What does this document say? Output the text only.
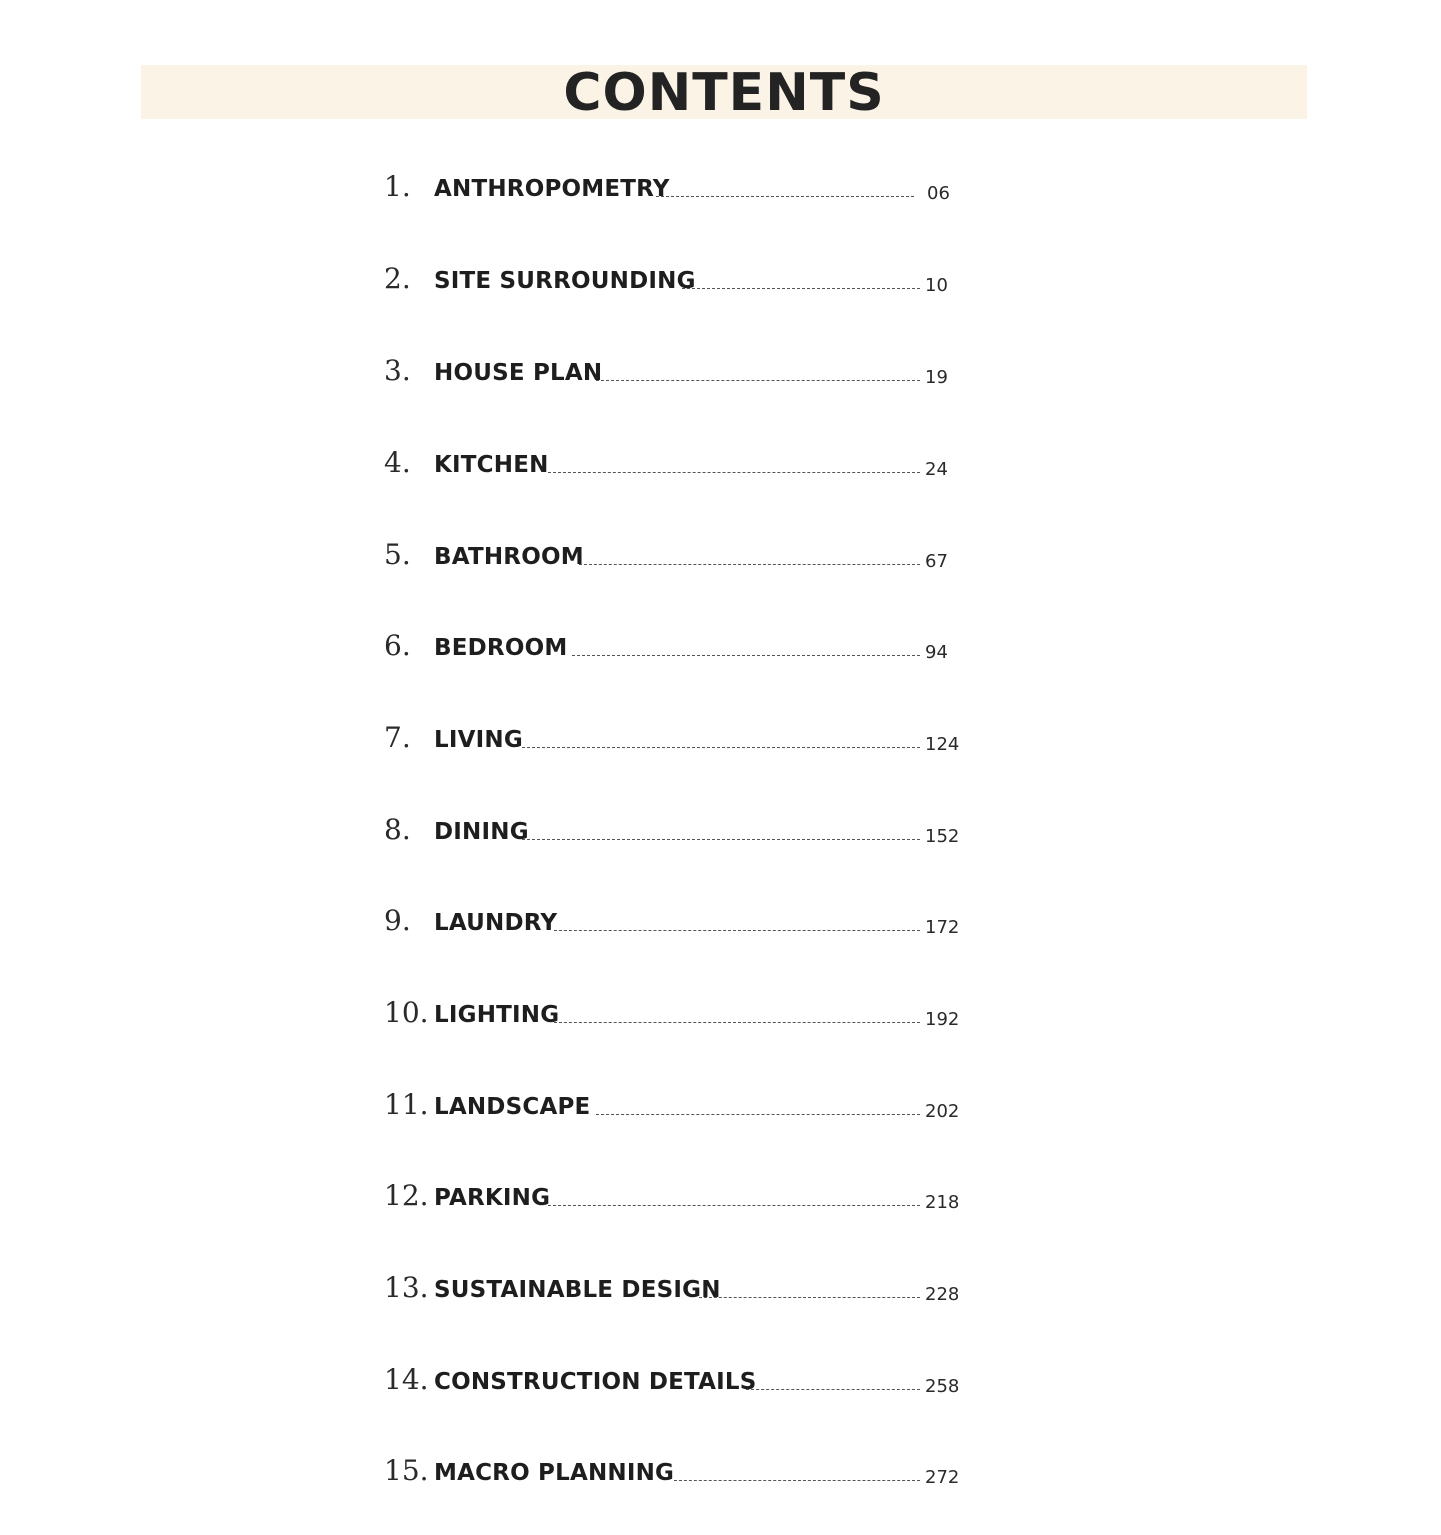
CONTENTS
1. ANTHROPOMETRY	06
2. SITE SURROUNDING	10
3. HOUSE PLAN	19
4. KITCHEN	24
5. BATHROOM	67
6. BEDROOM	94
7. LIVING	124
8. DINING	152
9. LAUNDRY	172
10. LIGHTING	192
11. LANDSCAPE	202
12. PARKING	218
13. SUSTAINABLE DESIGN	228
14. CONSTRUCTION DETAILS	258
15. MACRO PLANNING	272
